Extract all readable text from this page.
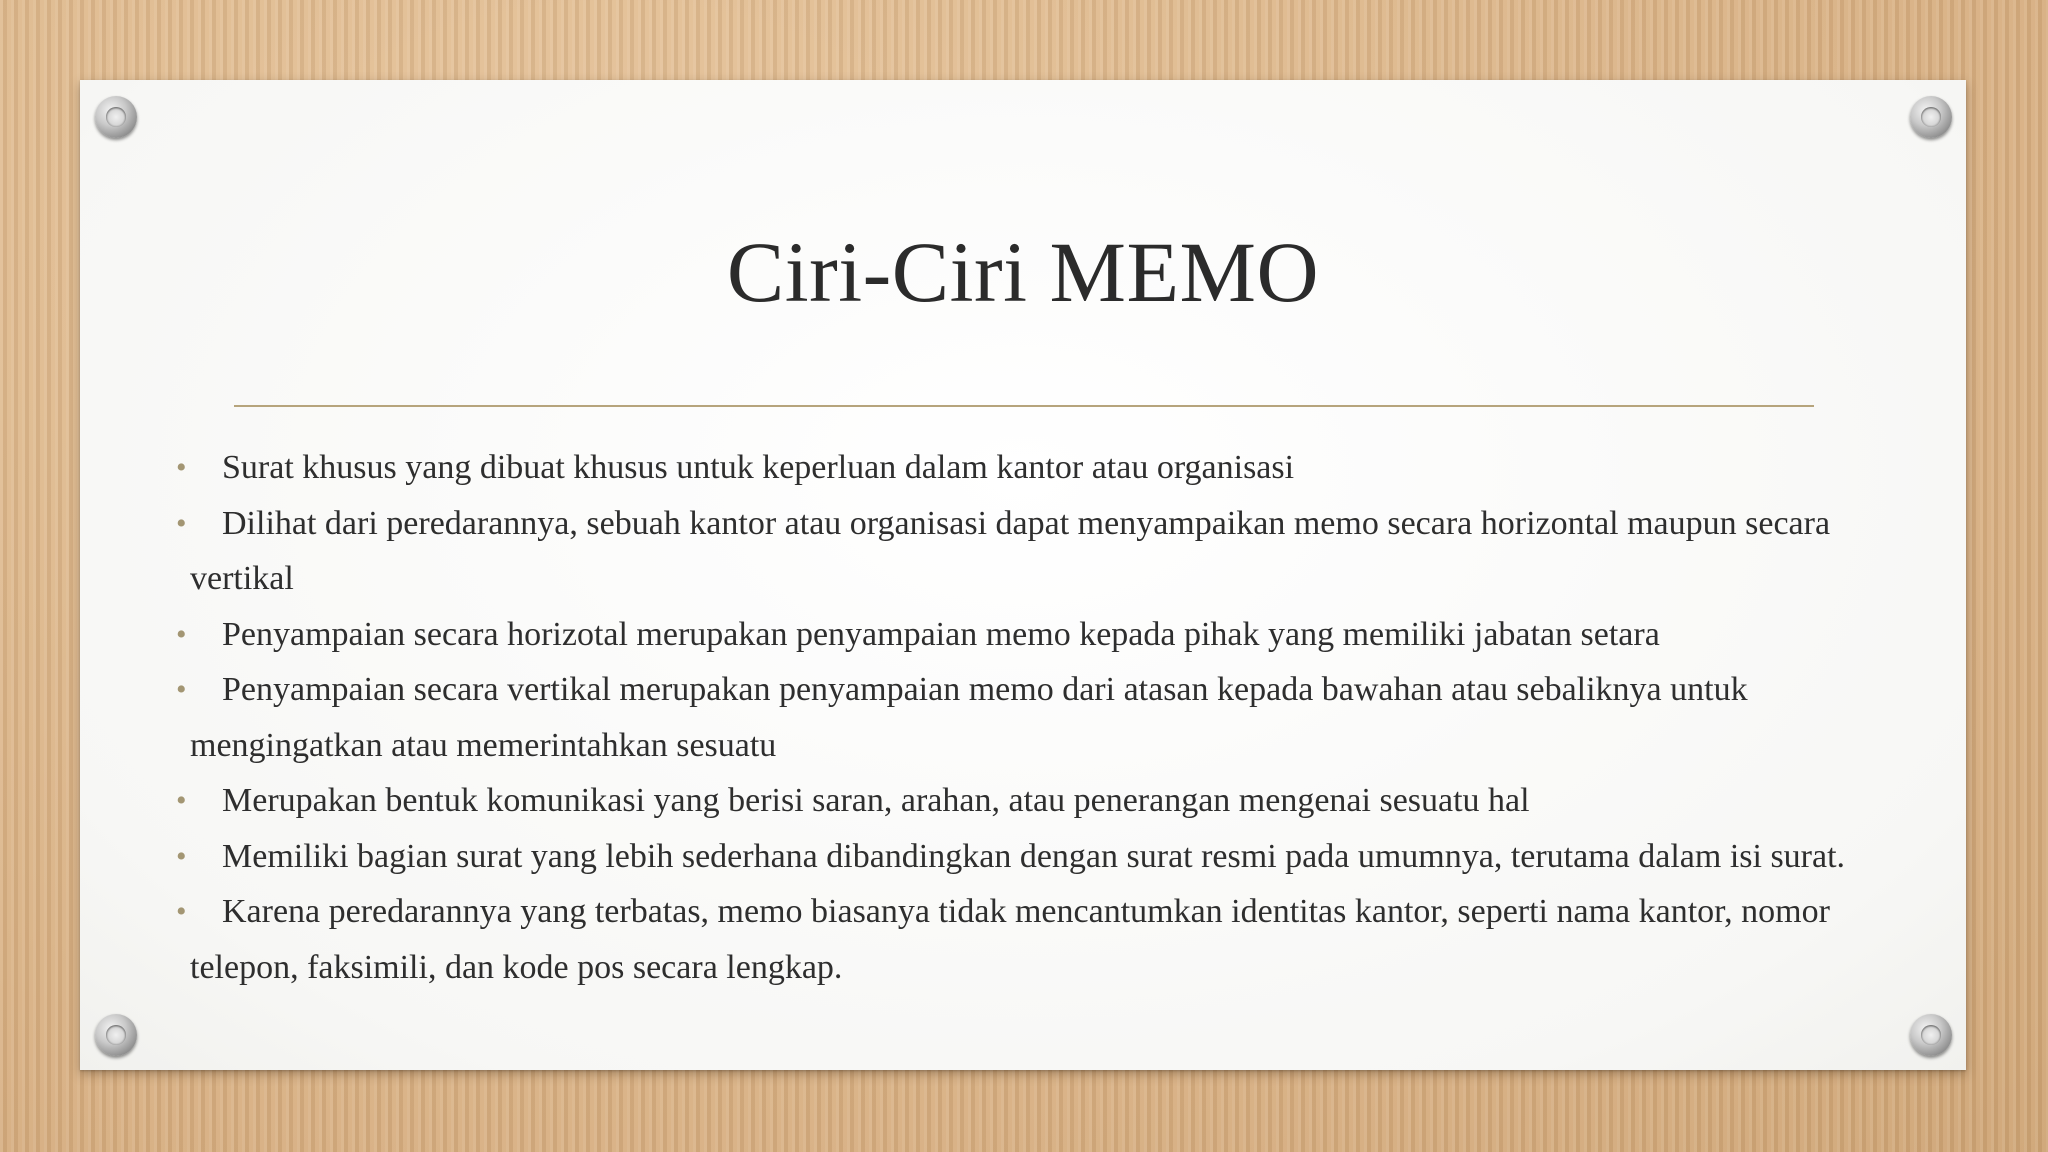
Ciri-Ciri MEMO
• Surat khusus yang dibuat khusus untuk keperluan dalam kantor atau organisasi
• Dilihat dari peredarannya, sebuah kantor atau organisasi dapat menyampaikan memo secara horizontal maupun secara vertikal
• Penyampaian secara horizotal merupakan penyampaian memo kepada pihak yang memiliki jabatan setara
• Penyampaian secara vertikal merupakan penyampaian memo dari atasan kepada bawahan atau sebaliknya untuk mengingatkan atau memerintahkan sesuatu
• Merupakan bentuk komunikasi yang berisi saran, arahan, atau penerangan mengenai sesuatu hal
• Memiliki bagian surat yang lebih sederhana dibandingkan dengan surat resmi pada umumnya, terutama dalam isi surat.
• Karena peredarannya yang terbatas, memo biasanya tidak mencantumkan identitas kantor, seperti nama kantor, nomor telepon, faksimili, dan kode pos secara lengkap.
